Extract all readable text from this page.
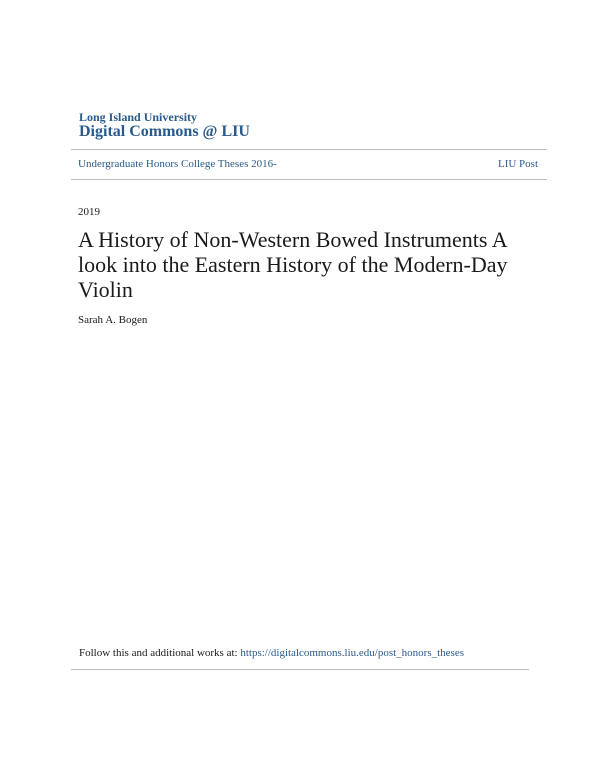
Long Island University
Digital Commons @ LIU
Undergraduate Honors College Theses 2016-	LIU Post
2019
A History of Non-Western Bowed Instruments A look into the Eastern History of the Modern-Day Violin
Sarah A. Bogen
Follow this and additional works at: https://digitalcommons.liu.edu/post_honors_theses
